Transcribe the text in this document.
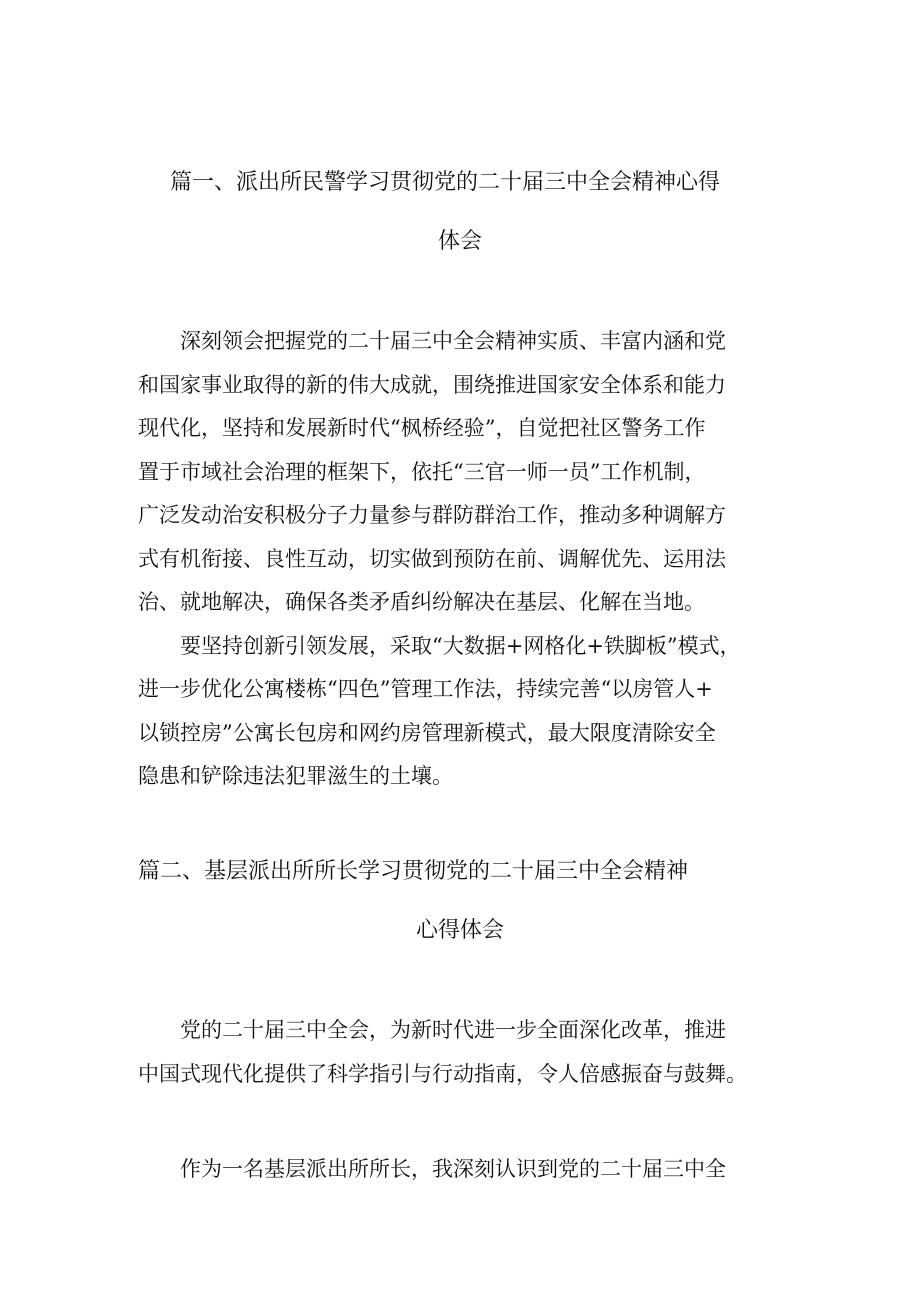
篇一、派出所民警学习贯彻党的二十届三中全会精神心得
体会
　　深刻领会把握党的二十届三中全会精神实质、丰富内涵和党
和国家事业取得的新的伟大成就，围绕推进国家安全体系和能力
现代化，坚持和发展新时代“枫桥经验”，自觉把社区警务工作
置于市域社会治理的框架下，依托“三官一师一员”工作机制，
广泛发动治安积极分子力量参与群防群治工作，推动多种调解方
式有机衔接、良性互动，切实做到预防在前、调解优先、运用法
治、就地解决，确保各类矛盾纠纷解决在基层、化解在当地。
　　要坚持创新引领发展，采取“大数据+网格化+铁脚板”模式，
进一步优化公寓楼栋“四色”管理工作法，持续完善“以房管人+
以锁控房”公寓长包房和网约房管理新模式，最大限度清除安全
隐患和铲除违法犯罪滋生的土壤。
篇二、基层派出所所长学习贯彻党的二十届三中全会精神
心得体会
　　党的二十届三中全会，为新时代进一步全面深化改革，推进
中国式现代化提供了科学指引与行动指南，令人倍感振奋与鼓舞。
　　作为一名基层派出所所长，我深刻认识到党的二十届三中全
